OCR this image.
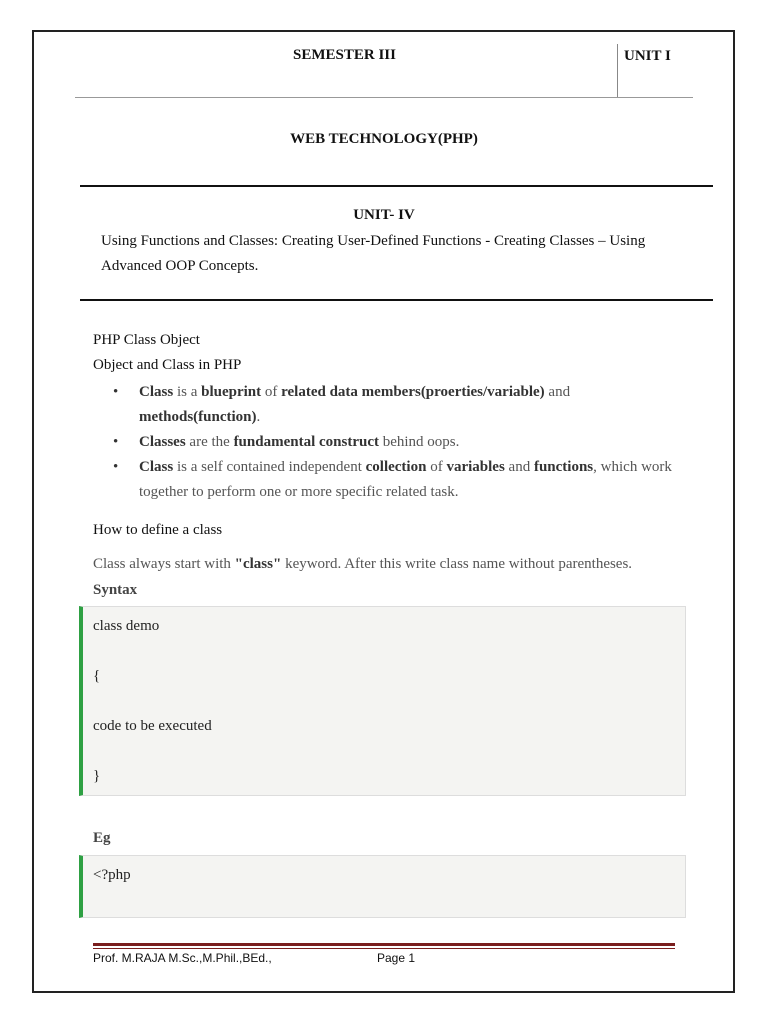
SEMESTER III	UNIT I
WEB TECHNOLOGY(PHP)
UNIT- IV
Using Functions and Classes: Creating User-Defined Functions - Creating Classes – Using Advanced OOP Concepts.
PHP Class Object
Object and Class in PHP
• Class is a blueprint of related data members(proerties/variable) and methods(function).
• Classes are the fundamental construct behind oops.
• Class is a self contained independent collection of variables and functions, which work together to perform one or more specific related task.
How to define a class
Class always start with "class" keyword. After this write class name without parentheses.
Syntax
class demo
{
code to be executed
}
Eg
<?php
Prof. M.RAJA M.Sc.,M.Phil.,BEd.,	Page 1
